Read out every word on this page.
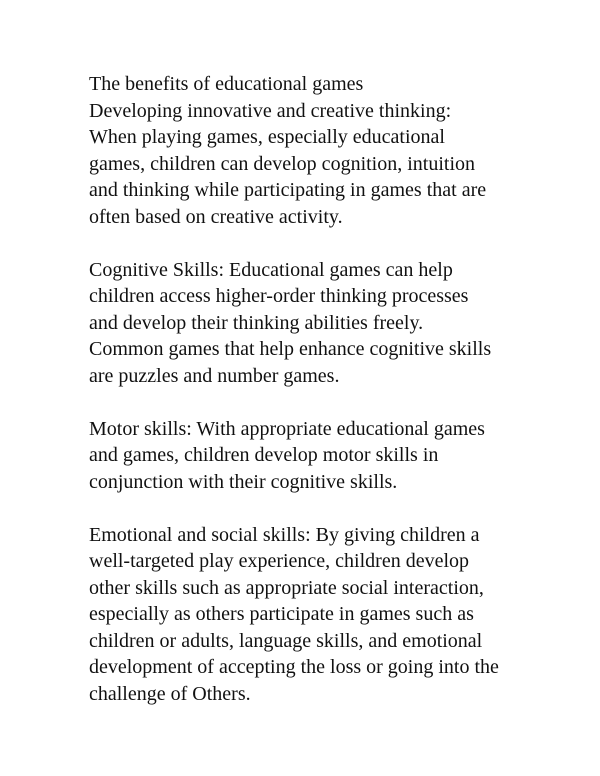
The benefits of educational games
Developing innovative and creative thinking:
When playing games, especially educational
games, children can develop cognition, intuition
and thinking while participating in games that are
often based on creative activity.
Cognitive Skills: Educational games can help
children access higher-order thinking processes
and develop their thinking abilities freely.
Common games that help enhance cognitive skills
are puzzles and number games.
Motor skills: With appropriate educational games
and games, children develop motor skills in
conjunction with their cognitive skills.
Emotional and social skills: By giving children a
well-targeted play experience, children develop
other skills such as appropriate social interaction,
especially as others participate in games such as
children or adults, language skills, and emotional
development of accepting the loss or going into the
challenge of Others.
